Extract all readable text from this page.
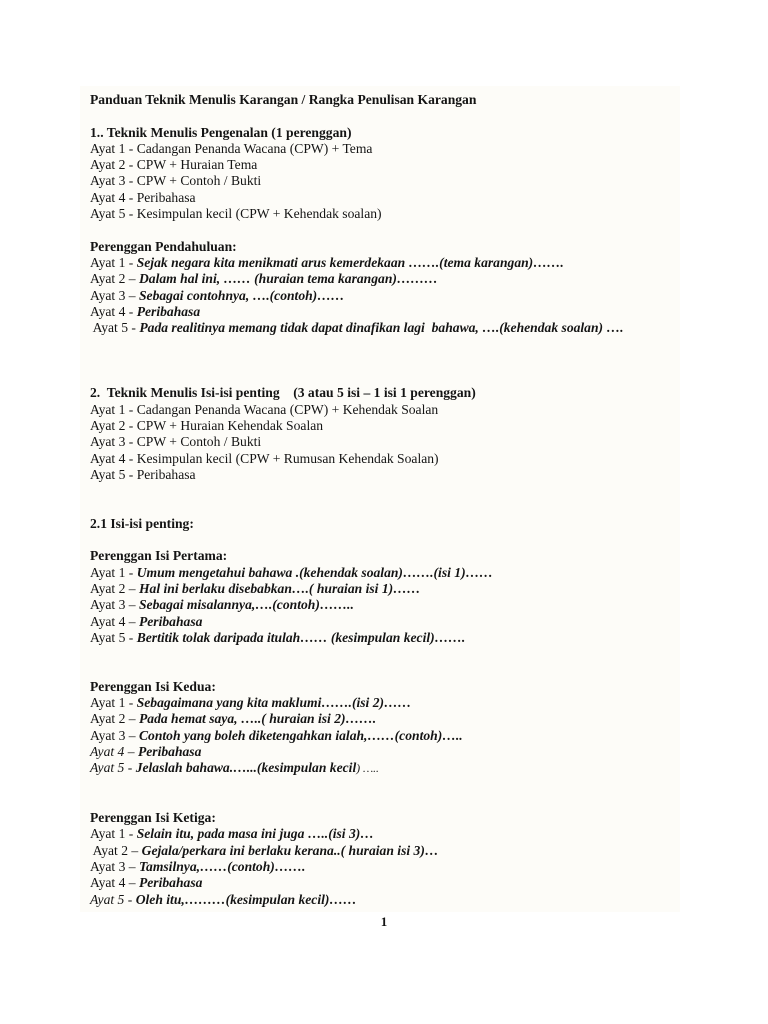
Panduan Teknik Menulis Karangan / Rangka Penulisan Karangan
1.. Teknik Menulis Pengenalan (1 perenggan)
Ayat 1 - Cadangan Penanda Wacana (CPW) + Tema
Ayat 2 - CPW + Huraian Tema
Ayat 3 - CPW + Contoh / Bukti
Ayat 4 - Peribahasa
Ayat 5 - Kesimpulan kecil (CPW + Kehendak soalan)
Perenggan Pendahuluan:
Ayat 1 - Sejak negara kita menikmati arus kemerdekaan …….(tema karangan)…….
Ayat 2 – Dalam hal ini, …… (huraian tema karangan)………
Ayat 3 – Sebagai contohnya, ….(contoh)……
Ayat 4 - Peribahasa
Ayat 5 - Pada realitinya memang tidak dapat dinafikan lagi  bahawa, ….(kehendak soalan) ….
2.  Teknik Menulis Isi-isi penting    (3 atau 5 isi – 1 isi 1 perenggan)
Ayat 1 - Cadangan Penanda Wacana (CPW) + Kehendak Soalan
Ayat 2 - CPW + Huraian Kehendak Soalan
Ayat 3 - CPW + Contoh / Bukti
Ayat 4 - Kesimpulan kecil (CPW + Rumusan Kehendak Soalan)
Ayat 5 - Peribahasa
2.1 Isi-isi penting:
Perenggan Isi Pertama:
Ayat 1 - Umum mengetahui bahawa .(kehendak soalan)…….(isi 1)……
Ayat 2 – Hal ini berlaku disebabkan….( huraian isi 1)……
Ayat 3 – Sebagai misalannya,….(contoh)……..
Ayat 4 – Peribahasa
Ayat 5 - Bertitik tolak daripada itulah…… (kesimpulan kecil)…….
Perenggan Isi Kedua:
Ayat 1 - Sebagaimana yang kita maklumi…….(isi 2)……
Ayat 2 – Pada hemat saya, …..( huraian isi 2)…….
Ayat 3 – Contoh yang boleh diketengahkan ialah,……(contoh)…..
Ayat 4 – Peribahasa
Ayat 5 - Jelaslah bahawa.…...(kesimpulan kecil) …..
Perenggan Isi Ketiga:
Ayat 1 - Selain itu, pada masa ini juga …..(isi 3)…
Ayat 2 – Gejala/perkara ini berlaku kerana..( huraian isi 3)…
Ayat 3 – Tamsilnya,……(contoh)…….
Ayat 4 – Peribahasa
Ayat 5 - Oleh itu,………(kesimpulan kecil)……
1
